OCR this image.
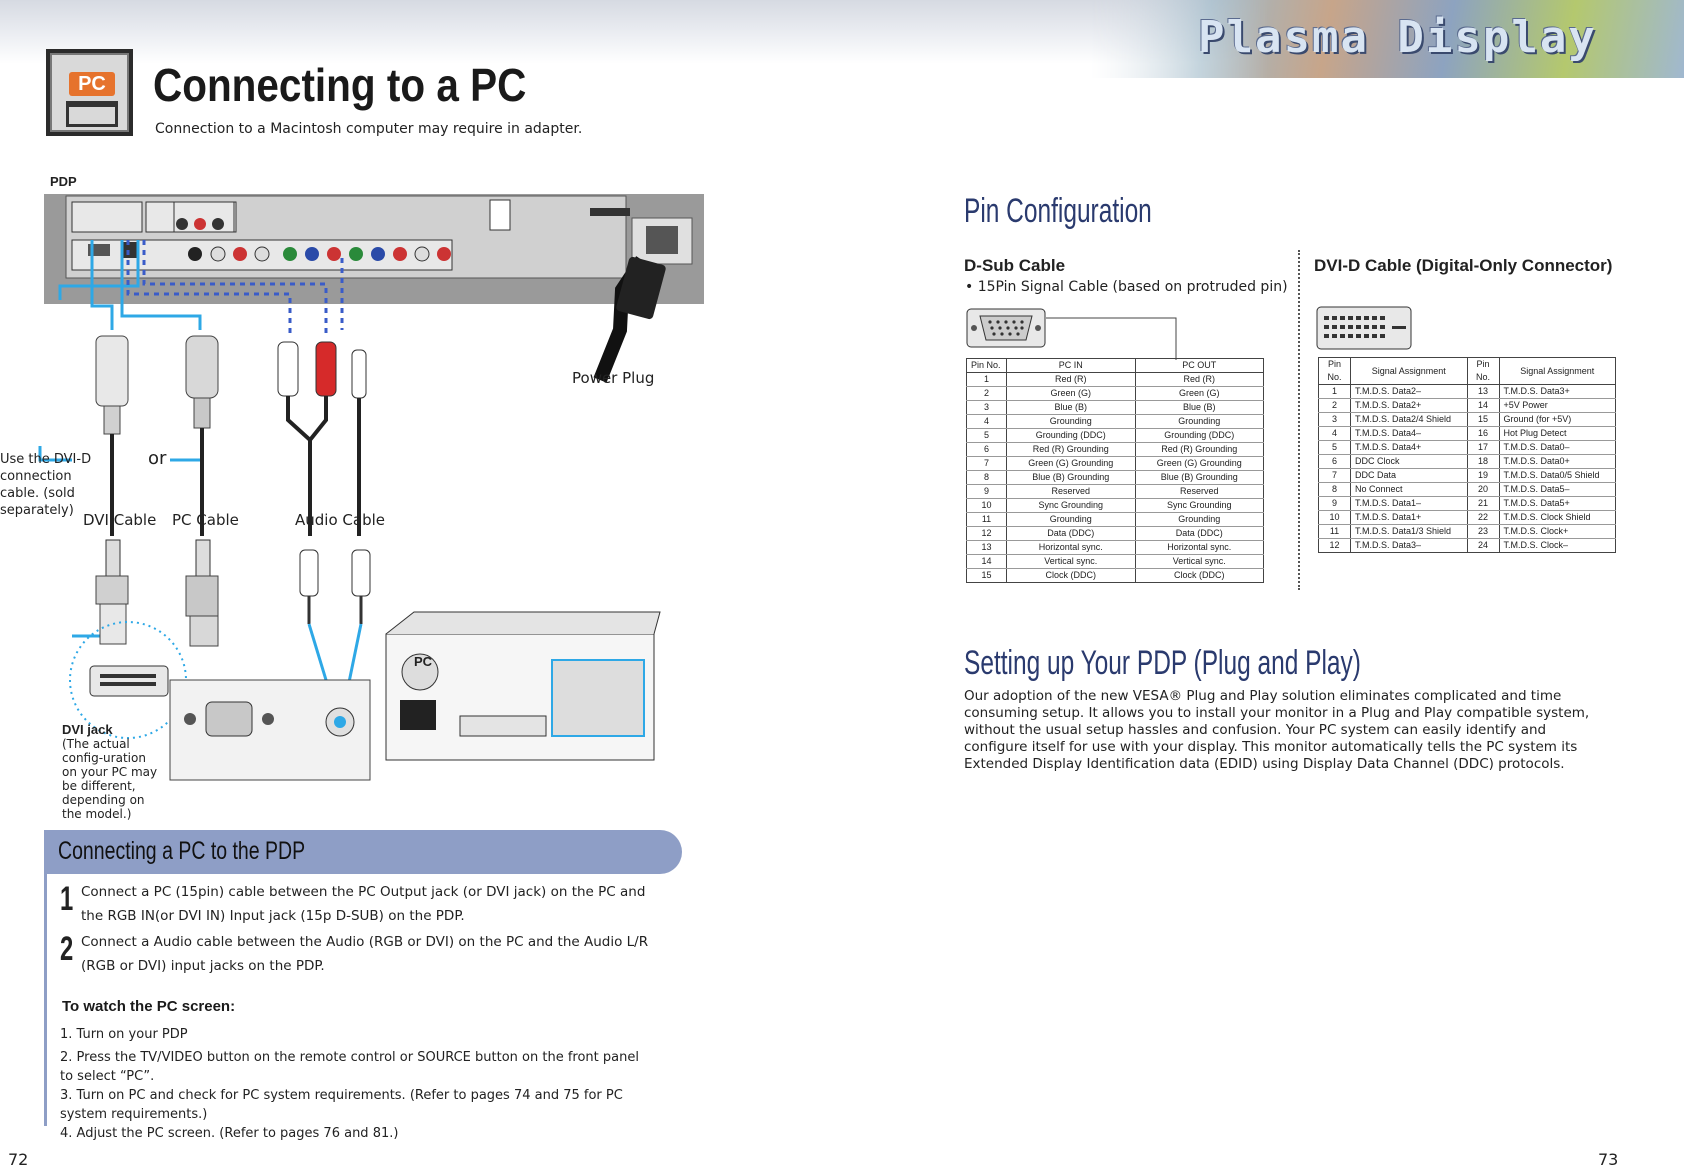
Plasma Display
PC Connecting to a PC
Connection to a Macintosh computer may require in adapter.
PDP
PC
Power Plug
Use the DVI-D connection cable. (sold separately)
or
DVI Cable PC Cable	Audio Cable
DVI jack
(The actual config-uration on your PC may be different, depending on the model.)
Connecting a PC to the PDP
1 Connect a PC (15pin) cable between the PC Output jack (or DVI jack) on the PC and the RGB IN(or DVI IN) Input jack (15p D-SUB) on the PDP.
2 Connect a Audio cable between the Audio (RGB or DVI) on the PC and the Audio L/R (RGB or DVI) input jacks on the PDP.
To watch the PC screen:
1. Turn on your PDP
2. Press the TV/VIDEO button on the remote control or SOURCE button on the front panel to select “PC”.
3. Turn on PC and check for PC system requirements. (Refer to pages 74 and 75 for PC system requirements.)
4. Adjust the PC screen. (Refer to pages 76 and 81.)
Pin Configuration
D-Sub Cable
• 15Pin Signal Cable (based on protruded pin)
DVI-D Cable (Digital-Only Connector)
Pin No.	PC IN	PC OUT
1	Red (R)	Red (R)
2	Green (G)	Green (G)
3	Blue (B)	Blue (B)
4	Grounding	Grounding
5	Grounding (DDC)	Grounding (DDC)
6	Red (R) Grounding	Red (R) Grounding
7	Green (G) Grounding	Green (G) Grounding
8	Blue (B) Grounding	Blue (B) Grounding
9	Reserved	Reserved
10	Sync Grounding	Sync Grounding
11	Grounding	Grounding
12	Data (DDC)	Data (DDC)
13	Horizontal sync.	Horizontal sync.
14	Vertical sync.	Vertical sync.
15	Clock (DDC)	Clock (DDC)
Pin No.	Signal Assignment	Pin No.	Signal Assignment
1	T.M.D.S. Data2–	13	T.M.D.S. Data3+
2	T.M.D.S. Data2+	14	+5V Power
3	T.M.D.S. Data2/4 Shield	15	Ground (for +5V)
4	T.M.D.S. Data4–	16	Hot Plug Detect
5	T.M.D.S. Data4+	17	T.M.D.S. Data0–
6	DDC Clock	18	T.M.D.S. Data0+
7	DDC Data	19	T.M.D.S. Data0/5 Shield
8	No Connect	20	T.M.D.S. Data5–
9	T.M.D.S. Data1–	21	T.M.D.S. Data5+
10	T.M.D.S. Data1+	22	T.M.D.S. Clock Shield
11	T.M.D.S. Data1/3 Shield	23	T.M.D.S. Clock+
12	T.M.D.S. Data3–	24	T.M.D.S. Clock–
Setting up Your PDP (Plug and Play)
Our adoption of the new VESA® Plug and Play solution eliminates complicated and time consuming setup. It allows you to install your monitor in a Plug and Play compatible system, without the usual setup hassles and confusion. Your PC system can easily identify and configure itself for use with your display. This monitor automatically tells the PC system its Extended Display Identification data (EDID) using Display Data Channel (DDC) protocols.
72	73
